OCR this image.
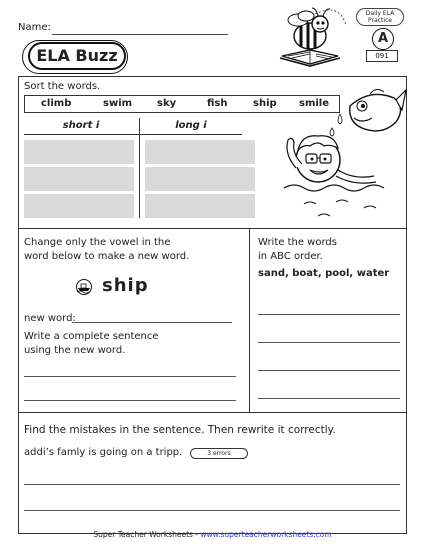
Name:
ELA Buzz
Daily ELA Practice
A
091
Sort the words.
climb	swim sky	fish	ship smile
short i	long i
Change only the vowel in the
word below to make a new word.
ship
new word:
Write a complete sentence
using the new word.
Write the words
in ABC order.
sand, boat, pool, water
Find the mistakes in the sentence. Then rewrite it correctly.
addi’s famly is going on a tripp.	3 errors
Super Teacher Worksheets - www.superteacherworksheets.com
